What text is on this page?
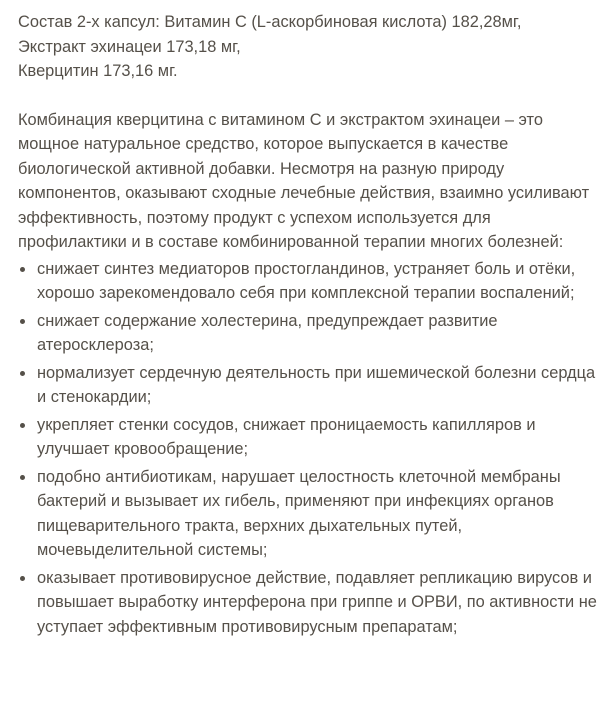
Состав 2-х капсул: Витамин С (L-аскорбиновая кислота) 182,28мг,

Экстракт эхинацеи 173,18 мг,

Кверцитин 173,16 мг.

Комбинация кверцитина с витамином С и экстрактом эхинацеи – это мощное натуральное средство, которое выпускается в качестве биологической активной добавки. Несмотря на разную природу компонентов, оказывают сходные лечебные действия, взаимно усиливают эффективность, поэтому продукт с успехом используется для профилактики и в составе комбинированной терапии многих болезней:

снижает синтез медиаторов простогландинов, устраняет боль и отёки, хорошо зарекомендовало себя при комплексной терапии воспалений;
снижает содержание холестерина, предупреждает развитие атеросклероза;
нормализует сердечную деятельность при ишемической болезни сердца и стенокардии;
укрепляет стенки сосудов, снижает проницаемость капилляров и улучшает кровообращение;
подобно антибиотикам, нарушает целостность клеточной мембраны бактерий и вызывает их гибель, применяют при инфекциях органов пищеварительного тракта, верхних дыхательных путей, мочевыделительной системы;
оказывает противовирусное действие, подавляет репликацию вирусов и повышает выработку интерферона при гриппе и ОРВИ, по активности не уступает эффективным противовирусным препаратам;
